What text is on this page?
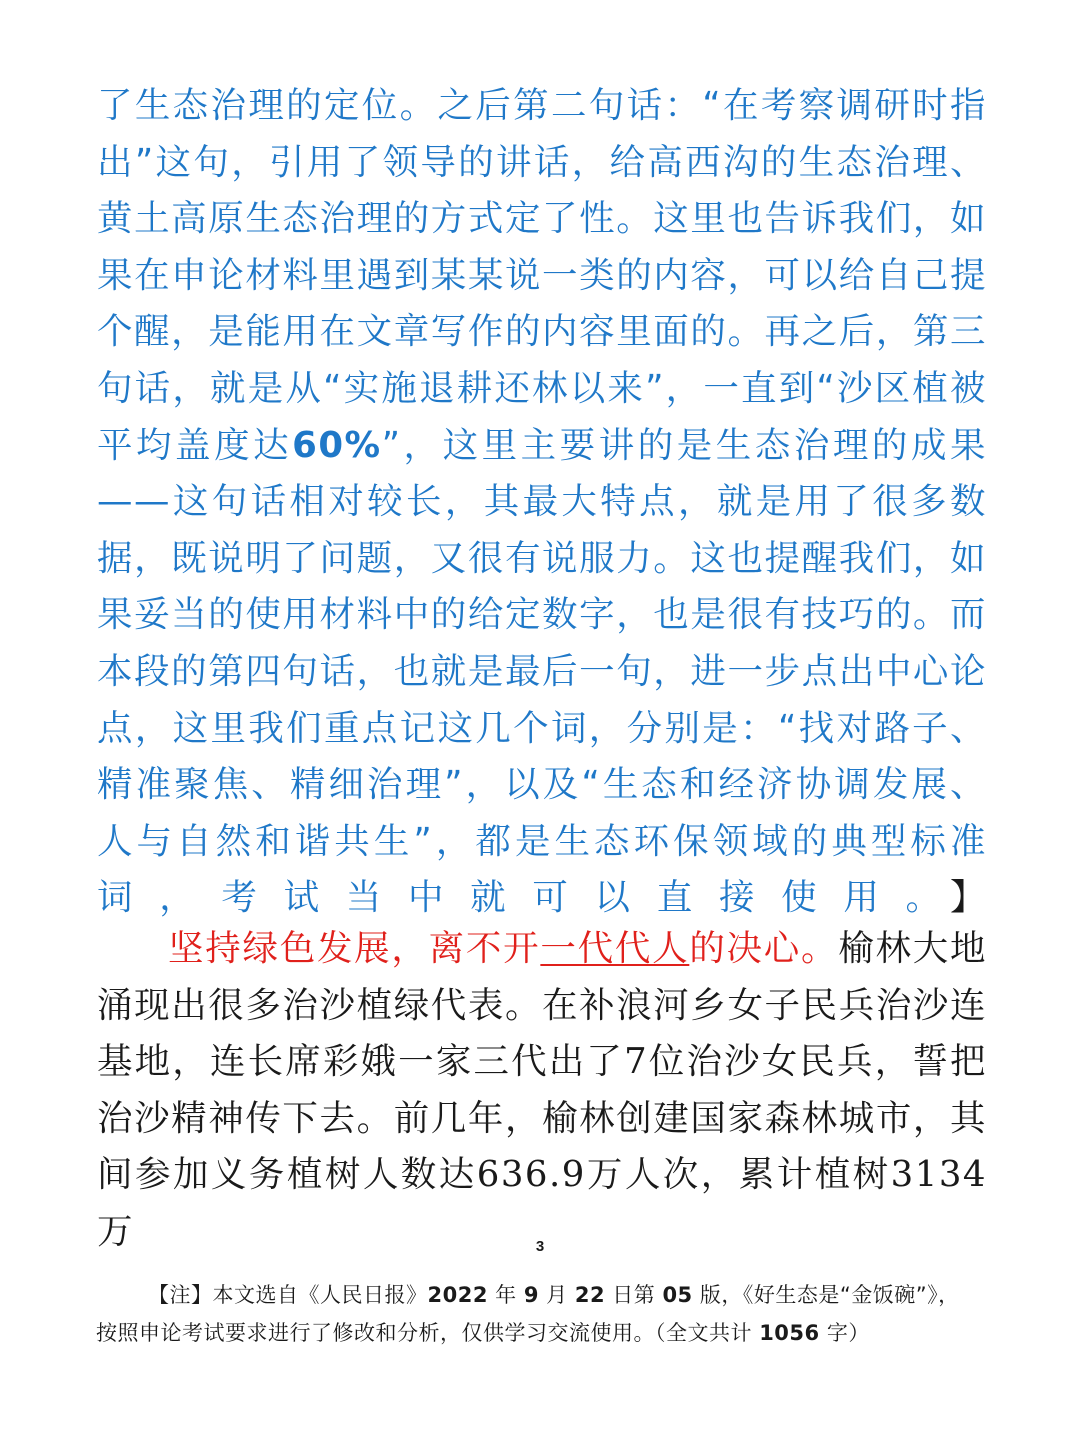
了生态治理的定位。之后第二句话：“在考察调研时指出”这句，引用了领导的讲话，给高西沟的生态治理、黄土高原生态治理的方式定了性。这里也告诉我们，如果在申论材料里遇到某某说一类的内容，可以给自己提个醒，是能用在文章写作的内容里面的。再之后，第三句话，就是从“实施退耕还林以来”，一直到“沙区植被平均盖度达60%”，这里主要讲的是生态治理的成果——这句话相对较长，其最大特点，就是用了很多数据，既说明了问题，又很有说服力。这也提醒我们，如果妥当的使用材料中的给定数字，也是很有技巧的。而本段的第四句话，也就是最后一句，进一步点出中心论点，这里我们重点记这几个词，分别是：“找对路子、精准聚焦、精细治理”，以及“生态和经济协调发展、人与自然和谐共生”，都是生态环保领域的典型标准词，考试当中就可以直接使用。】

坚持绿色发展，离不开一代代人的决心。榆林大地涌现出很多治沙植绿代表。在补浪河乡女子民兵治沙连基地，连长席彩娥一家三代出了7位治沙女民兵，誓把治沙精神传下去。前几年，榆林创建国家森林城市，其间参加义务植树人数达636.9万人次，累计植树3134万	3
【注】本文选自《人民日报》2022 年 9 月 22 日第 05 版，《好生态是“金饭碗”》，
按照申论考试要求进行了修改和分析，仅供学习交流使用。（全文共计 1056 字）
